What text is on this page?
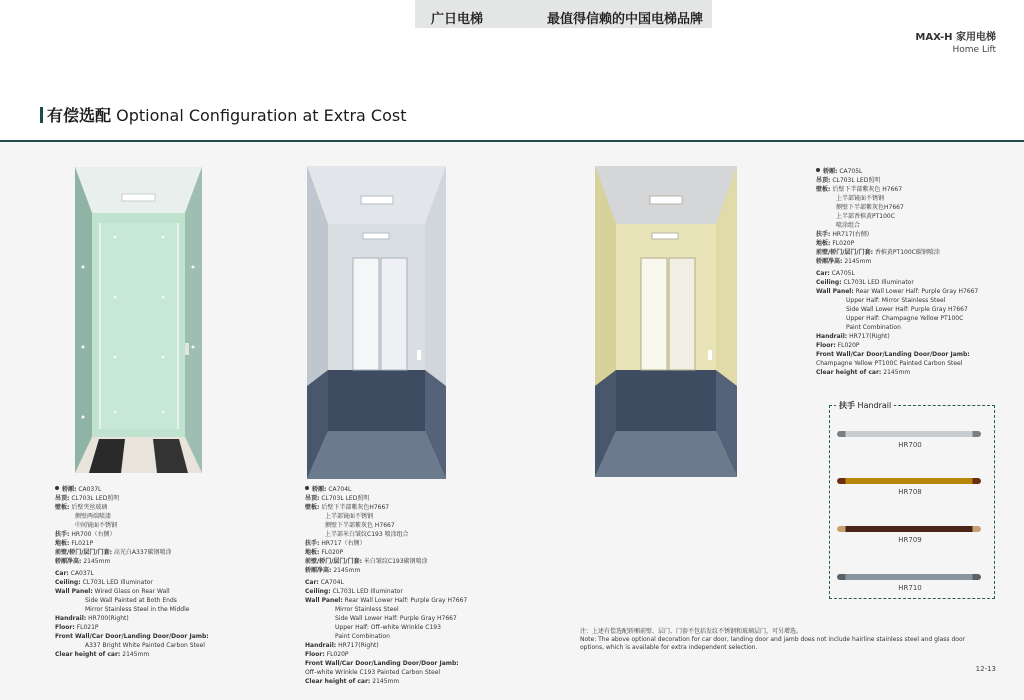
广日电梯	最值得信赖的中国电梯品牌
MAX-H 家用电梯
Home Lift
有偿选配 Optional Configuration at Extra Cost
轿厢: CA037L
吊顶: CL703L LED照明
壁板: 后壁夹丝玻璃
侧壁两端喷漆
中间镜面不锈钢
扶手: HR700（右侧）
地板: FL021P
前壁/轿门/层门/门套: 高光白A337碳钢喷涂
轿厢净高: 2145mm
Car: CA037L
Ceiling: CL703L LED Illuminator
Wall Panel: Wired Glass on Rear Wall
Side Wall Painted at Both Ends
Mirror Stainless Steel in the Middle
Handrail: HR700(Right)
Floor: FL021P
Front Wall/Car Door/Landing Door/Door Jamb:
A337 Bright White Painted Carbon Steel
Clear height of car: 2145mm
轿厢: CA704L
吊顶: CL703L LED照明
壁板: 后壁下半部紫灰色H7667
上半部镜面不锈钢
侧壁下半部紫灰色 H7667
上半部米白皱纹C193 喷涂组合
扶手: HR717（右侧）
地板: FL020P
前壁/轿门/层门/门套: 米白皱纹C193碳钢喷涂
轿厢净高: 2145mm
Car: CA704L
Ceiling: CL703L LED Illuminator
Wall Panel: Rear Wall Lower Half: Purple Gray H7667
Mirror Stainless Steel
Side Wall Lower Half: Purple Gray H7667
Upper Half: Off–white Wrinkle C193
Paint Combination
Handrail: HR717(Right)
Floor: FL020P
Front Wall/Car Door/Landing Door/Door Jamb:
Off–white Wrinkle C193 Painted Carbon Steel
Clear height of car: 2145mm
轿厢: CA705L
吊顶: CL703L LED照明
壁板: 后壁下半部紫灰色 H7667
上半部镜面不锈钢
侧壁下半部紫灰色H7667
上半部香槟黄PT100C
喷涂组合
扶手: HR717(右侧)
地板: FL020P
前壁/轿门/层门/门套: 香槟黄PT100C碳钢喷涂
轿厢净高: 2145mm
Car: CA705L
Ceiling: CL703L LED Illuminator
Wall Panel: Rear Wall Lower Half: Purple Gray H7667
Upper Half: Mirror Stainless Steel
Side Wall Lower Half: Purple Gray H7667
Upper Half: Champagne Yellow PT100C
Paint Combination
Handrail: HR717(Right)
Floor: FL020P
Front Wall/Car Door/Landing Door/Door Jamb:
Champagne Yellow PT100C Painted Carbon Steel
Clear height of car: 2145mm
扶手 Handrail
HR700
HR708
HR709
HR710
注：上述有偿选配轿厢前壁、层门、门套不包括发纹不锈钢和玻璃层门，可另增选。
Note: The above optional decoration for car door, landing door and jamb does not include hairline stainless steel and glass door options, which is available for extra independent selection.
12-13
